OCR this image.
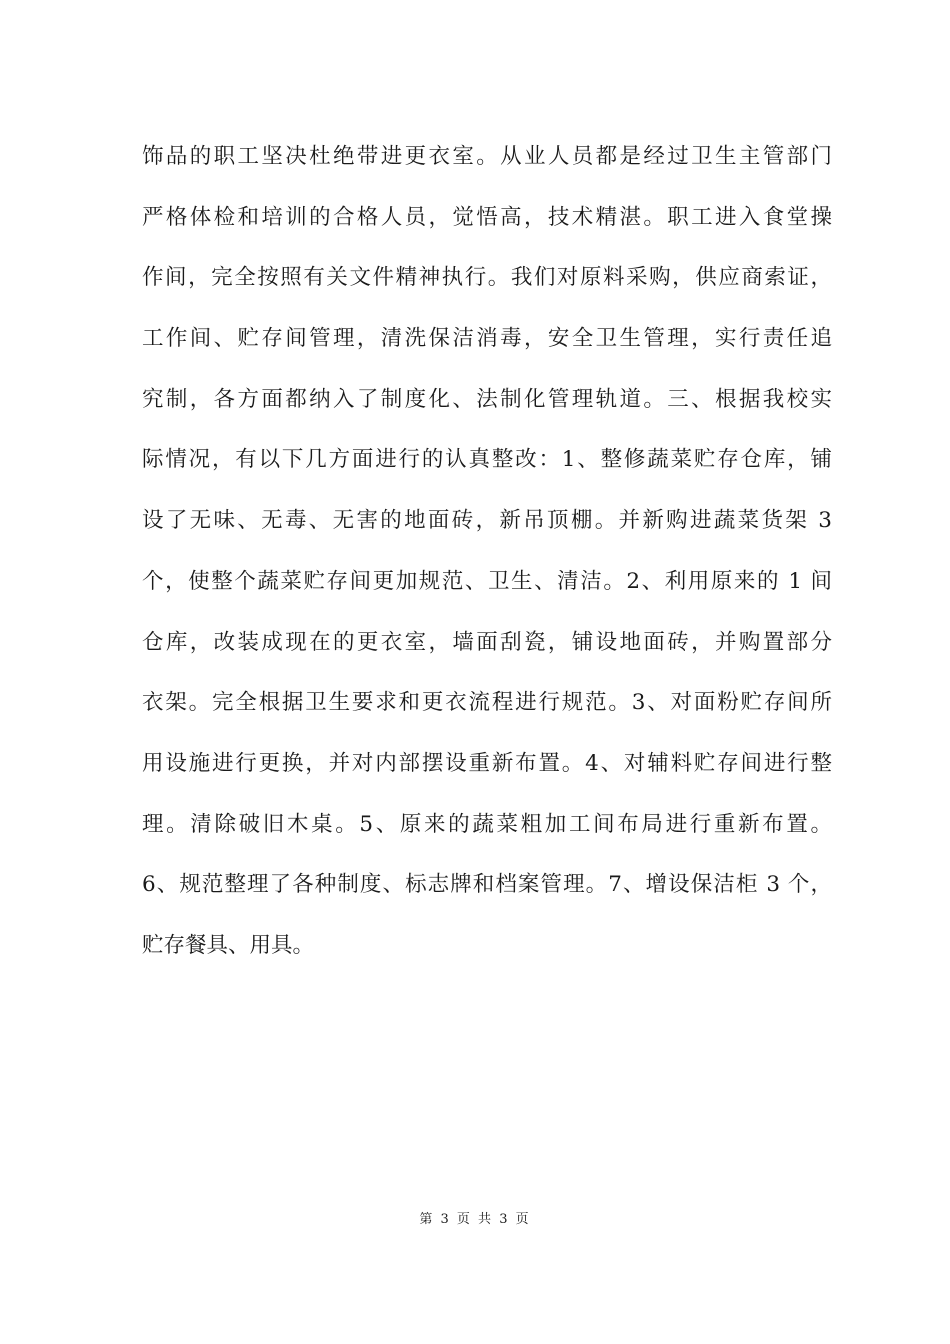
饰品的职工坚决杜绝带进更衣室。从业人员都是经过卫生主管部门
严格体检和培训的合格人员，觉悟高，技术精湛。职工进入食堂操
作间，完全按照有关文件精神执行。我们对原料采购，供应商索证，
工作间、贮存间管理，清洗保洁消毒，安全卫生管理，实行责任追
究制，各方面都纳入了制度化、法制化管理轨道。三、根据我校实
际情况，有以下几方面进行的认真整改：1、整修蔬菜贮存仓库，铺
设了无味、无毒、无害的地面砖，新吊顶棚。并新购进蔬菜货架 3
个，使整个蔬菜贮存间更加规范、卫生、清洁。2、利用原来的 1 间
仓库，改装成现在的更衣室，墙面刮瓷，铺设地面砖，并购置部分
衣架。完全根据卫生要求和更衣流程进行规范。3、对面粉贮存间所
用设施进行更换，并对内部摆设重新布置。4、对辅料贮存间进行整
理。清除破旧木桌。5、原来的蔬菜粗加工间布局进行重新布置。
6、规范整理了各种制度、标志牌和档案管理。7、增设保洁柜 3 个，
贮存餐具、用具。
第 3 页 共 3 页
